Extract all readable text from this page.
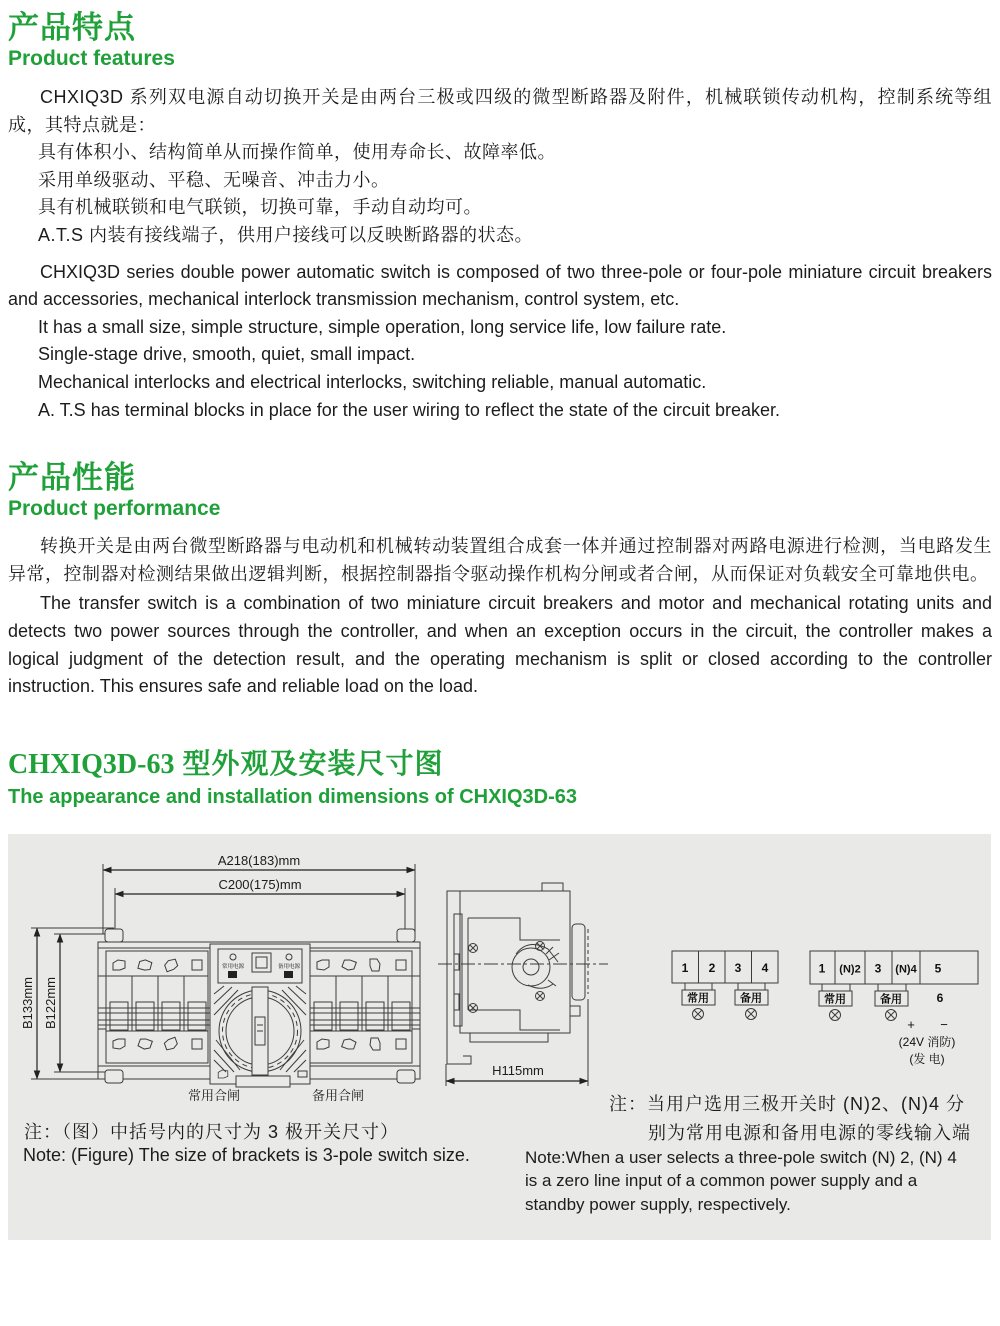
产品特点
Product features

CHXIQ3D 系列双电源自动切换开关是由两台三极或四级的微型断路器及附件，机械联锁传动机构，控制系统等组成，其特点就是：

具有体积小、结构简单从而操作简单，使用寿命长、故障率低。

采用单级驱动、平稳、无噪音、冲击力小。

具有机械联锁和电气联锁，切换可靠，手动自动均可。

A.T.S 内装有接线端子，供用户接线可以反映断路器的状态。

CHXIQ3D series double power automatic switch is composed of two three-pole or four-pole miniature circuit breakers and accessories, mechanical interlock transmission mechanism, control system, etc.

It has a small size, simple structure, simple operation, long service life, low failure rate.

Single-stage drive, smooth, quiet, small impact.

Mechanical interlocks and electrical interlocks, switching reliable, manual automatic.

A. T.S has terminal blocks in place for the user wiring to reflect the state of the circuit breaker.

产品性能
Product performance

转换开关是由两台微型断路器与电动机和机械转动装置组合成套一体并通过控制器对两路电源进行检测，当电路发生异常，控制器对检测结果做出逻辑判断，根据控制器指令驱动操作机构分闸或者合闸，从而保证对负载安全可靠地供电。

The transfer switch is a combination of two miniature circuit breakers and motor and mechanical rotating units and detects two power sources through the controller, and when an exception occurs in the circuit, the controller makes a logical judgment of the detection result, and the operating mechanism is split or closed according to the controller instruction. This ensures safe and reliable load on the load.

CHXIQ3D-63 型外观及安装尺寸图
The appearance and installation dimensions of CHXIQ3D-63
A218(183)mm
C200(175)mm
B133mm B122mm
常用电源	备用电源
常用合闸	备用合闸
H115mm
1 2 3 4
常用	备用
1 (N)2 3 (N)4 5
常用	备用	6
+ −
(24V 消防)
(发 电)
注：（图）中括号内的尺寸为 3 极开关尺寸）
Note: (Figure) The size of brackets is 3-pole switch size.
注：当用户选用三极开关时 (N)2、(N)4 分
别为常用电源和备用电源的零线输入端
Note:When a user selects a three-pole switch (N) 2, (N) 4 is a zero line input of a common power supply and a standby power supply, respectively.
